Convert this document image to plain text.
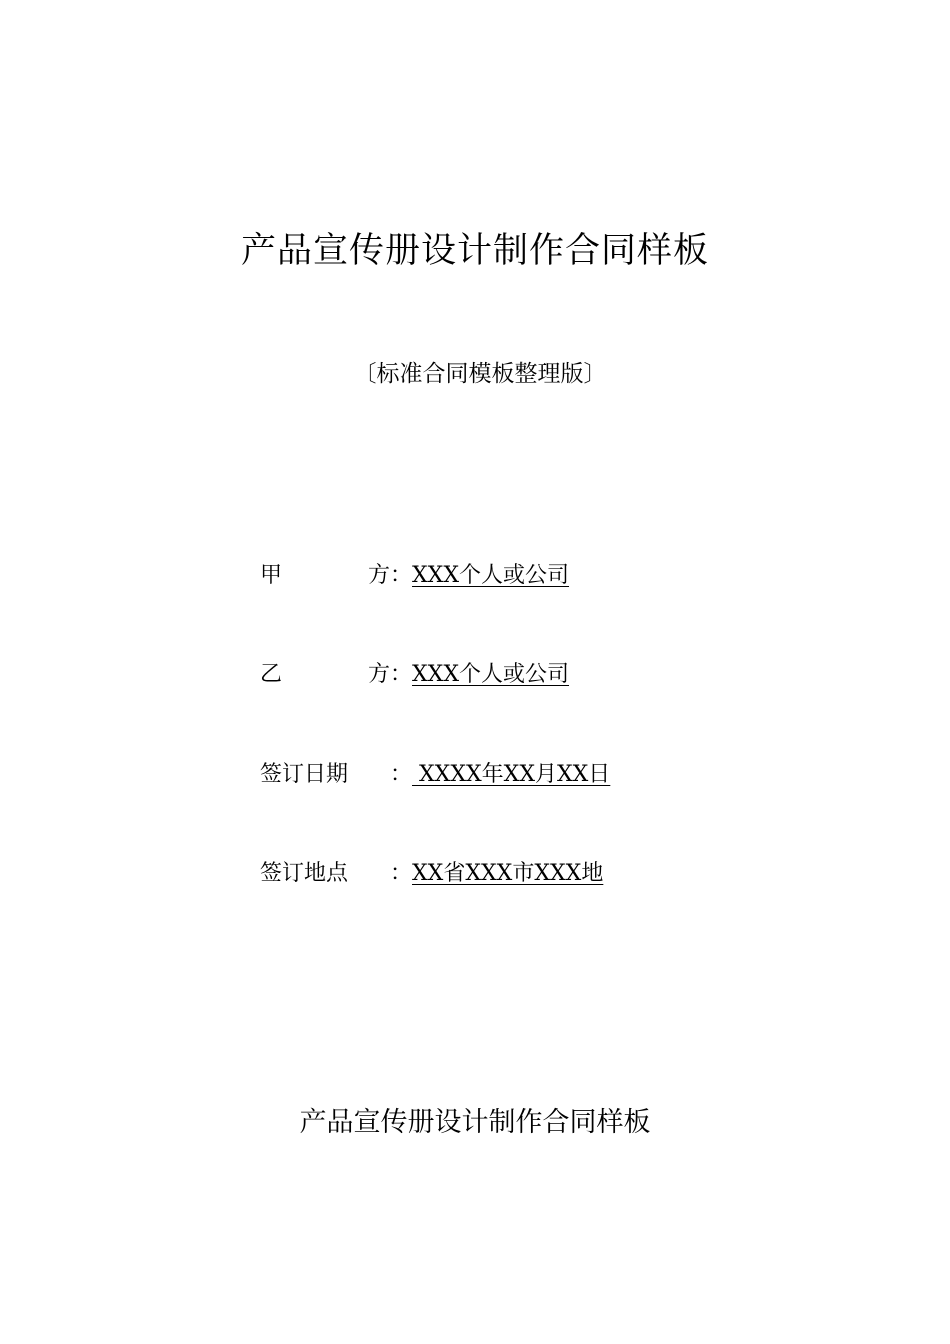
产品宣传册设计制作合同样板
〔标准合同模板整理版〕
甲	方 ： XXX个人或公司
乙	方 ： XXX个人或公司
签订日期	： XXXX年XX月XX日
签订地点	： XX省XXX市XXX地
产品宣传册设计制作合同样板
